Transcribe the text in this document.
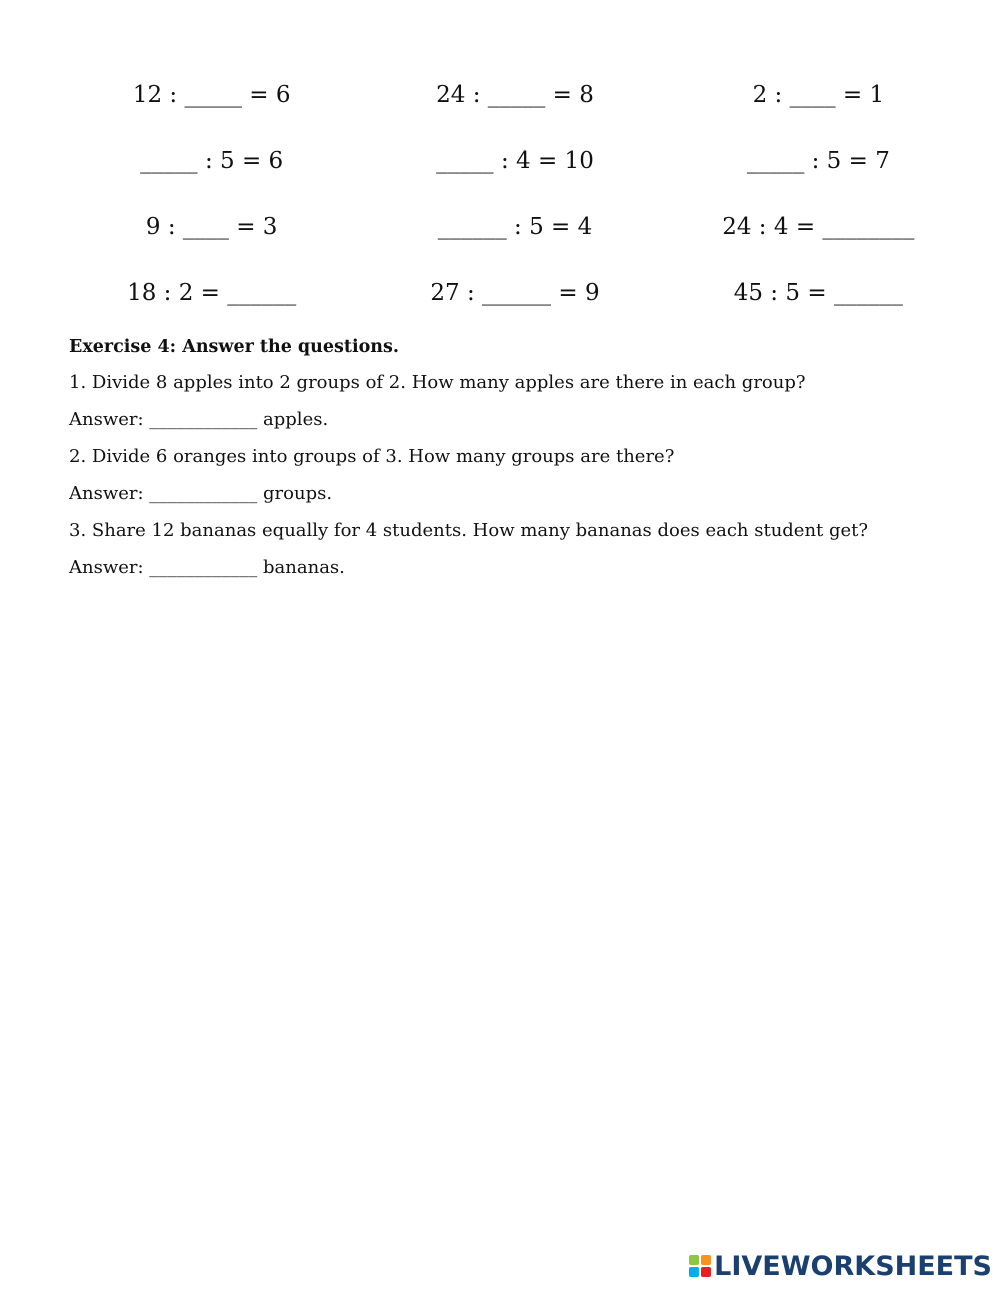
12 : _____ = 6	24 : _____ = 8	2 : ____ = 1
_____ : 5 = 6	_____ : 4 = 10	_____ : 5 = 7
9 : ____ = 3	______ : 5 = 4	24 : 4 = ________
18 : 2 = ______	27 : ______ = 9	45 : 5 = ______
Exercise 4: Answer the questions.
1. Divide 8 apples into 2 groups of 2. How many apples are there in each group?
Answer: ____________ apples.
2. Divide 6 oranges into groups of 3. How many groups are there?
Answer: ____________ groups.
3. Share 12 bananas equally for 4 students. How many bananas does each student get?
Answer: ____________ bananas.
LIVEWORKSHEETS
